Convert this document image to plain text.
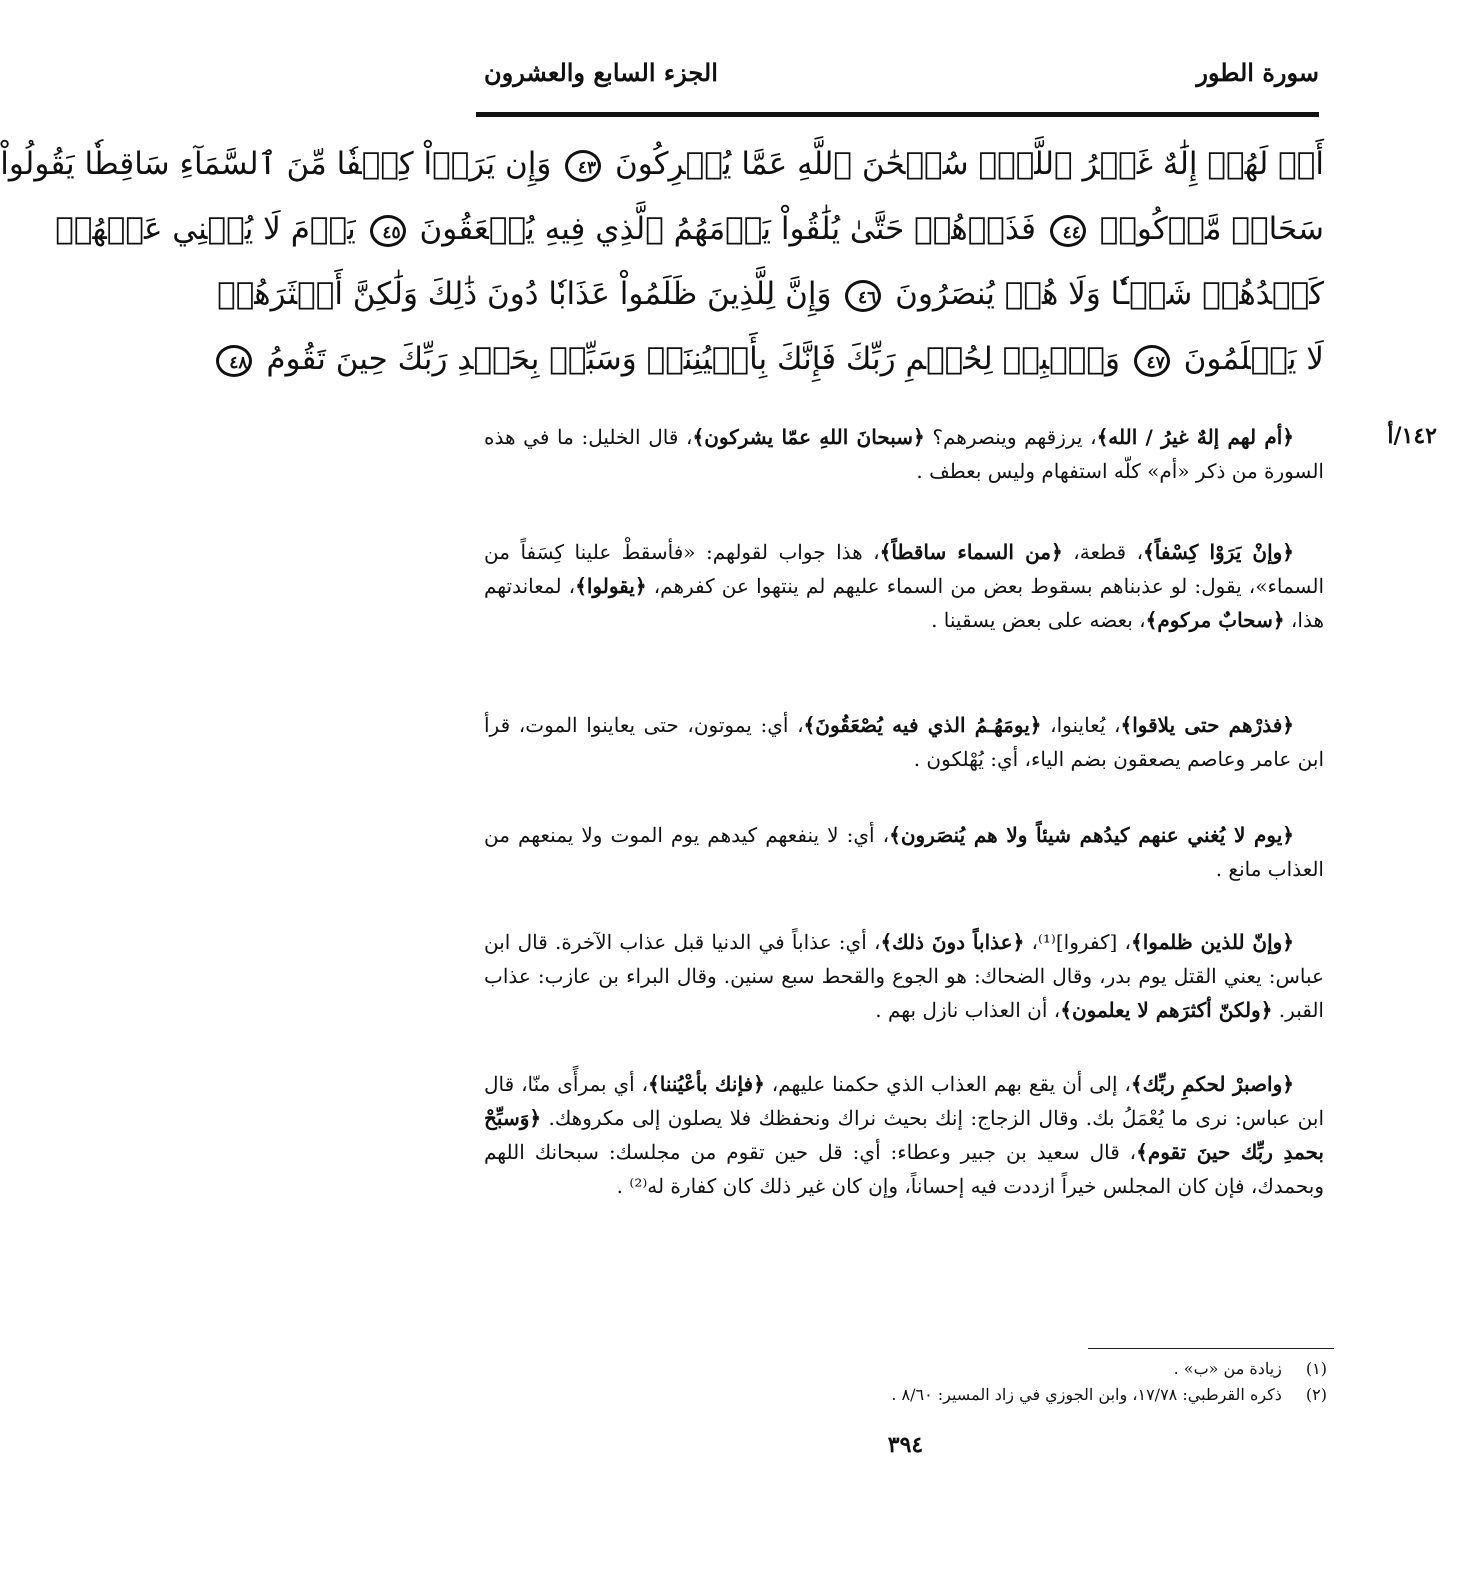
سورة الطور
الجزء السابع والعشرون
أَمۡ لَهُمۡ إِلَٰهٌ غَيۡرُ ٱللَّهِۚ سُبۡحَٰنَ ٱللَّهِ عَمَّا يُشۡرِكُونَ ٤٣ وَإِن يَرَوۡاْ كِسۡفٗا مِّنَ ٱلسَّمَآءِ سَاقِطٗا يَقُولُواْ
سَحَابٞ مَّرۡكُومٞ ٤٤ فَذَرۡهُمۡ حَتَّىٰ يُلَٰقُواْ يَوۡمَهُمُ ٱلَّذِي فِيهِ يُصۡعَقُونَ ٤٥ يَوۡمَ لَا يُغۡنِي عَنۡهُمۡ
كَيۡدُهُمۡ شَيۡـٔٗا وَلَا هُمۡ يُنصَرُونَ ٤٦ وَإِنَّ لِلَّذِينَ ظَلَمُواْ عَذَابٗا دُونَ ذَٰلِكَ وَلَٰكِنَّ أَكۡثَرَهُمۡ
لَا يَعۡلَمُونَ ٤٧ وَٱصۡبِرۡ لِحُكۡمِ رَبِّكَ فَإِنَّكَ بِأَعۡيُنِنَاۖ وَسَبِّحۡ بِحَمۡدِ رَبِّكَ حِينَ تَقُومُ ٤٨
١٤٢/أ

﴿أم لهم إلهٌ غيرُ / الله﴾، يرزقهم وينصرهم؟ ﴿سبحانَ اللهِ عمّا يشركون﴾، قال الخليل: ما في هذه السورة من ذكر «أم» كلّه استفهام وليس بعطف .

﴿وإنْ يَرَوْا كِسْفاً﴾، قطعة، ﴿من السماء ساقطاً﴾، هذا جواب لقولهم: «فأسقطْ علينا كِسَفاً من السماء»، يقول: لو عذبناهم بسقوط بعض من السماء عليهم لم ينتهوا عن كفرهم، ﴿يقولوا﴾، لمعاندتهم هذا، ﴿سحابٌ مركوم﴾، بعضه على بعض يسقينا .

﴿فذرْهم حتى يلاقوا﴾، يُعاينوا، ﴿يومَهُـمُ الذي فيه يُصْعَقُونَ﴾، أي: يموتون، حتى يعاينوا الموت، قرأ ابن عامر وعاصم يصعقون بضم الياء، أي: يُهْلكون .

﴿يوم لا يُغني عنهم كيدُهم شيئاً ولا هم يُنصَرون﴾، أي: لا ينفعهم كيدهم يوم الموت ولا يمنعهم من العذاب مانع .

﴿وإنّ للذين ظلموا﴾، [كفروا]⁽¹⁾، ﴿عذاباً دونَ ذلك﴾، أي: عذاباً في الدنيا قبل عذاب الآخرة. قال ابن عباس: يعني القتل يوم بدر، وقال الضحاك: هو الجوع والقحط سبع سنين. وقال البراء بن عازب: عذاب القبر. ﴿ولكنّ أكثرَهم لا يعلمون﴾، أن العذاب نازل بهم .

﴿واصبرْ لحكمِ ربِّك﴾، إلى أن يقع بهم العذاب الذي حكمنا عليهم، ﴿فإنك بأعْيُننا﴾، أي بمرأًى منّا، قال ابن عباس: نرى ما يُعْمَلُ بك. وقال الزجاج: إنك بحيث نراك ونحفظك فلا يصلون إلى مكروهك. ﴿وَسبِّحْ بحمدِ ربِّك حينَ تقوم﴾، قال سعيد بن جبير وعطاء: أي: قل حين تقوم من مجلسك: سبحانك اللهم وبحمدك، فإن كان المجلس خيراً ازددت فيه إحساناً، وإن كان غير ذلك كان كفارة له⁽²⁾ .

(١) زيادة من «ب» .
(٢) ذكره القرطبي: ١٧/٧٨، وابن الجوزي في زاد المسير: ٨/٦٠ .
٣٩٤
